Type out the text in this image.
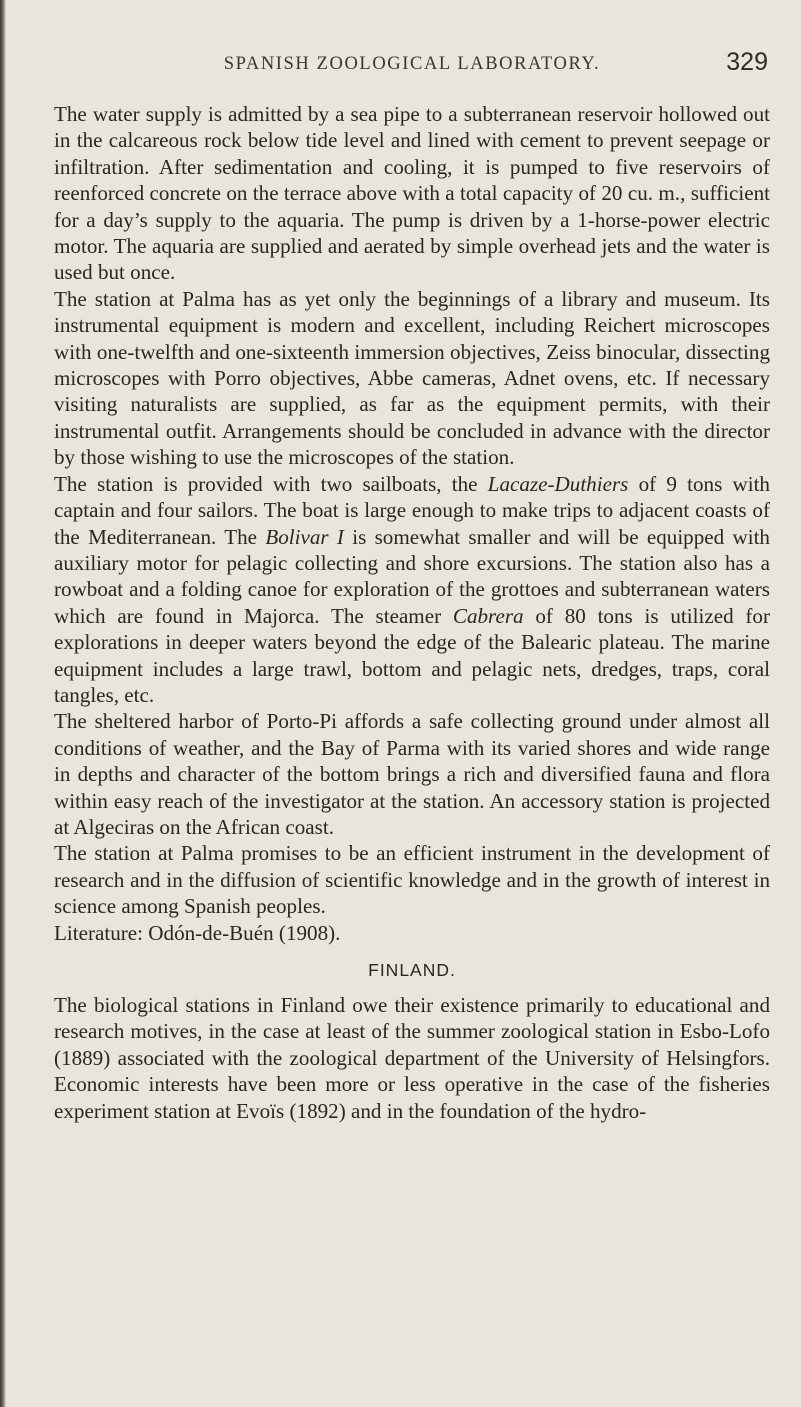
SPANISH ZOOLOGICAL LABORATORY.	329

The water supply is admitted by a sea pipe to a subterranean reservoir hollowed out in the calcareous rock below tide level and lined with cement to prevent seepage or infiltration. After sedimentation and cooling, it is pumped to five reservoirs of reenforced concrete on the terrace above with a total capacity of 20 cu. m., sufficient for a day’s supply to the aquaria. The pump is driven by a 1-horse-power electric motor. The aquaria are supplied and aerated by simple overhead jets and the water is used but once.

The station at Palma has as yet only the beginnings of a library and museum. Its instrumental equipment is modern and excellent, including Reichert microscopes with one-twelfth and one-sixteenth immersion objectives, Zeiss binocular, dissecting microscopes with Porro objectives, Abbe cameras, Adnet ovens, etc. If necessary visiting naturalists are supplied, as far as the equipment permits, with their instrumental outfit. Arrangements should be concluded in advance with the director by those wishing to use the microscopes of the station.

The station is provided with two sailboats, the Lacaze-Duthiers of 9 tons with captain and four sailors. The boat is large enough to make trips to adjacent coasts of the Mediterranean. The Bolivar I is somewhat smaller and will be equipped with auxiliary motor for pelagic collecting and shore excursions. The station also has a rowboat and a folding canoe for exploration of the grottoes and subterranean waters which are found in Majorca. The steamer Cabrera of 80 tons is utilized for explorations in deeper waters beyond the edge of the Balearic plateau. The marine equipment includes a large trawl, bottom and pelagic nets, dredges, traps, coral tangles, etc.

The sheltered harbor of Porto-Pi affords a safe collecting ground under almost all conditions of weather, and the Bay of Parma with its varied shores and wide range in depths and character of the bottom brings a rich and diversified fauna and flora within easy reach of the investigator at the station. An accessory station is projected at Algeciras on the African coast.

The station at Palma promises to be an efficient instrument in the development of research and in the diffusion of scientific knowledge and in the growth of interest in science among Spanish peoples.

Literature: Odón-de-Buén (1908).

FINLAND.

The biological stations in Finland owe their existence primarily to educational and research motives, in the case at least of the summer zoological station in Esbo-Lofo (1889) associated with the zoological department of the University of Helsingfors. Economic interests have been more or less operative in the case of the fisheries experiment station at Evoïs (1892) and in the foundation of the hydro-
